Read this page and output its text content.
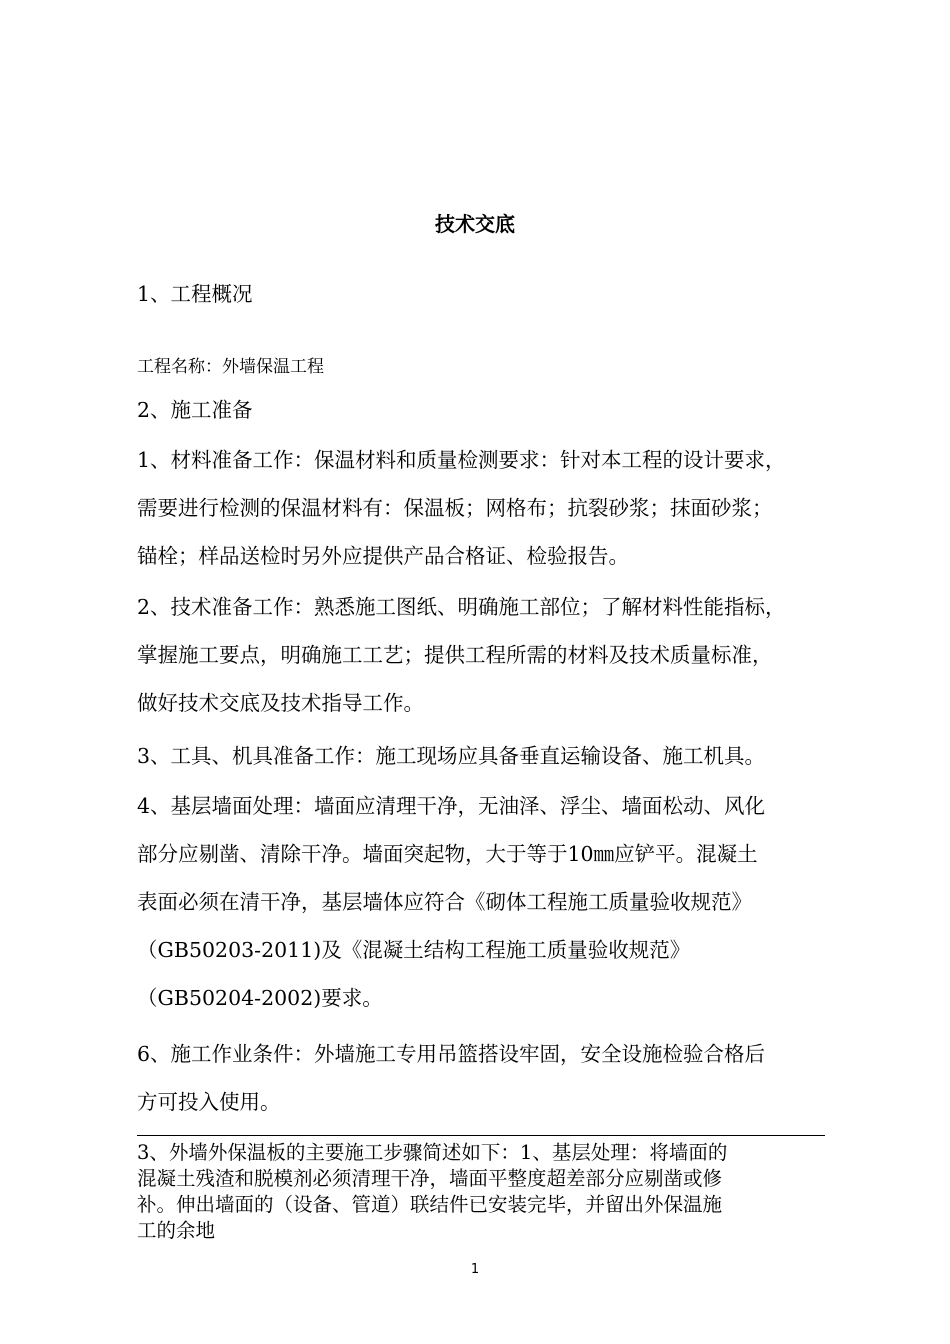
技术交底
1、工程概况
工程名称：外墙保温工程
2、施工准备
1、材料准备工作：保温材料和质量检测要求：针对本工程的设计要求，
需要进行检测的保温材料有：保温板；网格布；抗裂砂浆；抹面砂浆；
锚栓；样品送检时另外应提供产品合格证、检验报告。
2、技术准备工作：熟悉施工图纸、明确施工部位；了解材料性能指标，
掌握施工要点，明确施工工艺；提供工程所需的材料及技术质量标准，
做好技术交底及技术指导工作。
3、工具、机具准备工作：施工现场应具备垂直运输设备、施工机具。
4、基层墙面处理：墙面应清理干净，无油泽、浮尘、墙面松动、风化
部分应剔凿、清除干净。墙面突起物，大于等于10㎜应铲平。混凝土
表面必须在清干净，基层墙体应符合《砌体工程施工质量验收规范》
（GB50203-2011)及《混凝土结构工程施工质量验收规范》
（GB50204-2002)要求。
6、施工作业条件：外墙施工专用吊篮搭设牢固，安全设施检验合格后
方可投入使用。
3、外墙外保温板的主要施工步骤简述如下：1、基层处理：将墙面的
混凝土残渣和脱模剂必须清理干净，墙面平整度超差部分应剔凿或修
补。伸出墙面的（设备、管道）联结件已安装完毕，并留出外保温施
工的余地
1
